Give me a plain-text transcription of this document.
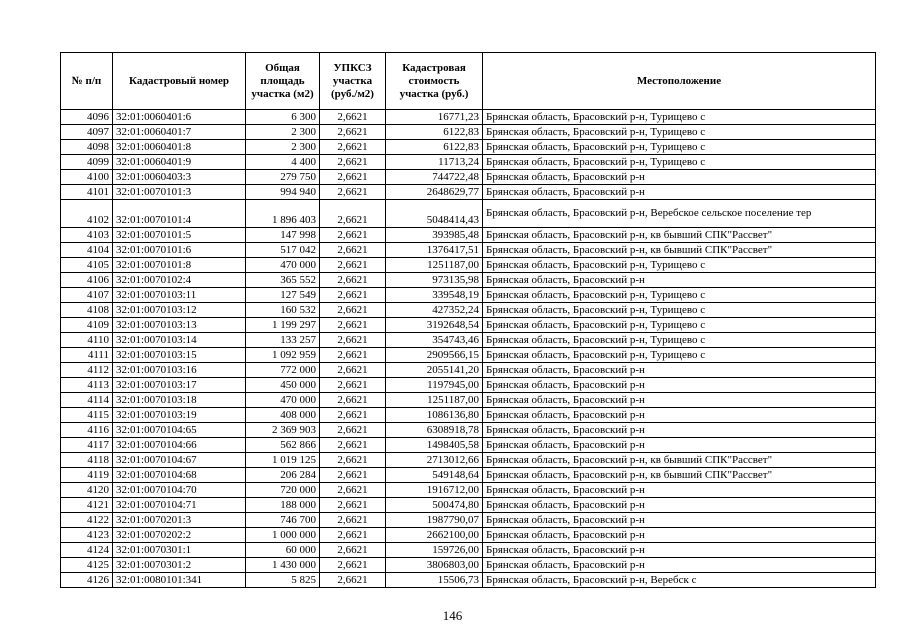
№ п/п	Кадастровый номер	Общая площадь участка (м2)	УПКСЗ участка (руб./м2)	Кадастровая стоимость участка (руб.)	Местоположение
4096	32:01:0060401:6	6 300	2,6621	16771,23	Брянская область, Брасовский р-н, Турищево с
4097	32:01:0060401:7	2 300	2,6621	6122,83	Брянская область, Брасовский р-н, Турищево с
4098	32:01:0060401:8	2 300	2,6621	6122,83	Брянская область, Брасовский р-н, Турищево с
4099	32:01:0060401:9	4 400	2,6621	11713,24	Брянская область, Брасовский р-н, Турищево с
4100	32:01:0060403:3	279 750	2,6621	744722,48	Брянская область, Брасовский р-н
4101	32:01:0070101:3	994 940	2,6621	2648629,77	Брянская область, Брасовский р-н
4102	32:01:0070101:4	1 896 403	2,6621	5048414,43	Брянская область, Брасовский р-н, Веребское сельское поселение тер
4103	32:01:0070101:5	147 998	2,6621	393985,48	Брянская область, Брасовский р-н, кв бывший СПК"Рассвет"
4104	32:01:0070101:6	517 042	2,6621	1376417,51	Брянская область, Брасовский р-н, кв бывший СПК"Рассвет"
4105	32:01:0070101:8	470 000	2,6621	1251187,00	Брянская область, Брасовский р-н, Турищево с
4106	32:01:0070102:4	365 552	2,6621	973135,98	Брянская область, Брасовский р-н
4107	32:01:0070103:11	127 549	2,6621	339548,19	Брянская область, Брасовский р-н, Турищево с
4108	32:01:0070103:12	160 532	2,6621	427352,24	Брянская область, Брасовский р-н, Турищево с
4109	32:01:0070103:13	1 199 297	2,6621	3192648,54	Брянская область, Брасовский р-н, Турищево с
4110	32:01:0070103:14	133 257	2,6621	354743,46	Брянская область, Брасовский р-н, Турищево с
4111	32:01:0070103:15	1 092 959	2,6621	2909566,15	Брянская область, Брасовский р-н, Турищево с
4112	32:01:0070103:16	772 000	2,6621	2055141,20	Брянская область, Брасовский р-н
4113	32:01:0070103:17	450 000	2,6621	1197945,00	Брянская область, Брасовский р-н
4114	32:01:0070103:18	470 000	2,6621	1251187,00	Брянская область, Брасовский р-н
4115	32:01:0070103:19	408 000	2,6621	1086136,80	Брянская область, Брасовский р-н
4116	32:01:0070104:65	2 369 903	2,6621	6308918,78	Брянская область, Брасовский р-н
4117	32:01:0070104:66	562 866	2,6621	1498405,58	Брянская область, Брасовский р-н
4118	32:01:0070104:67	1 019 125	2,6621	2713012,66	Брянская область, Брасовский р-н, кв бывший СПК"Рассвет"
4119	32:01:0070104:68	206 284	2,6621	549148,64	Брянская область, Брасовский р-н, кв бывший СПК"Рассвет"
4120	32:01:0070104:70	720 000	2,6621	1916712,00	Брянская область, Брасовский р-н
4121	32:01:0070104:71	188 000	2,6621	500474,80	Брянская область, Брасовский р-н
4122	32:01:0070201:3	746 700	2,6621	1987790,07	Брянская область, Брасовский р-н
4123	32:01:0070202:2	1 000 000	2,6621	2662100,00	Брянская область, Брасовский р-н
4124	32:01:0070301:1	60 000	2,6621	159726,00	Брянская область, Брасовский р-н
4125	32:01:0070301:2	1 430 000	2,6621	3806803,00	Брянская область, Брасовский р-н
4126	32:01:0080101:341	5 825	2,6621	15506,73	Брянская область, Брасовский р-н, Веребск с
146
